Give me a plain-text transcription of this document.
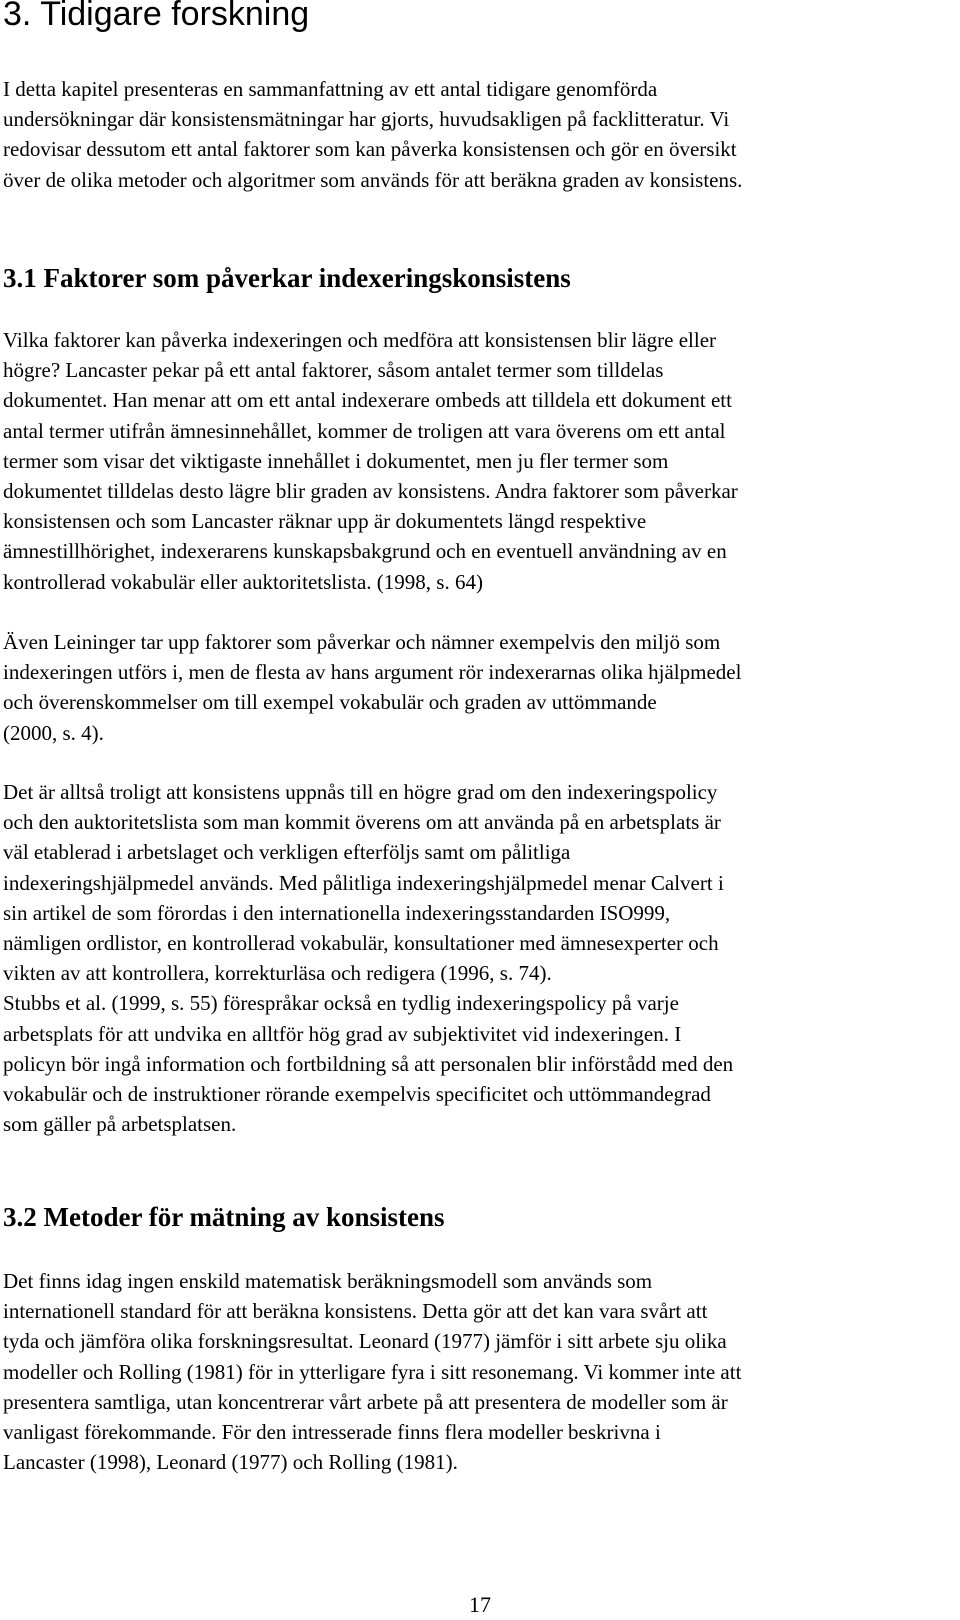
3. Tidigare forskning

I detta kapitel presenteras en sammanfattning av ett antal tidigare genomförda
undersökningar där konsistensmätningar har gjorts, huvudsakligen på facklitteratur. Vi
redovisar dessutom ett antal faktorer som kan påverka konsistensen och gör en översikt
över de olika metoder och algoritmer som används för att beräkna graden av konsistens.

3.1 Faktorer som påverkar indexeringskonsistens

Vilka faktorer kan påverka indexeringen och medföra att konsistensen blir lägre eller
högre? Lancaster pekar på ett antal faktorer, såsom antalet termer som tilldelas
dokumentet. Han menar att om ett antal indexerare ombeds att tilldela ett dokument ett
antal termer utifrån ämnesinnehållet, kommer de troligen att vara överens om ett antal
termer som visar det viktigaste innehållet i dokumentet, men ju fler termer som
dokumentet tilldelas desto lägre blir graden av konsistens. Andra faktorer som påverkar
konsistensen och som Lancaster räknar upp är dokumentets längd respektive
ämnestillhörighet, indexerarens kunskapsbakgrund och en eventuell användning av en
kontrollerad vokabulär eller auktoritetslista. (1998, s. 64)

Även Leininger tar upp faktorer som påverkar och nämner exempelvis den miljö som
indexeringen utförs i, men de flesta av hans argument rör indexerarnas olika hjälpmedel
och överenskommelser om till exempel vokabulär och graden av uttömmande
(2000, s. 4).

Det är alltså troligt att konsistens uppnås till en högre grad om den indexeringspolicy
och den auktoritetslista som man kommit överens om att använda på en arbetsplats är
väl etablerad i arbetslaget och verkligen efterföljs samt om pålitliga
indexeringshjälpmedel används. Med pålitliga indexeringshjälpmedel menar Calvert i
sin artikel de som förordas i den internationella indexeringsstandarden ISO999,
nämligen ordlistor, en kontrollerad vokabulär, konsultationer med ämnesexperter och
vikten av att kontrollera, korrekturläsa och redigera (1996, s. 74).
Stubbs et al. (1999, s. 55) förespråkar också en tydlig indexeringspolicy på varje
arbetsplats för att undvika en alltför hög grad av subjektivitet vid indexeringen. I
policyn bör ingå information och fortbildning så att personalen blir införstådd med den
vokabulär och de instruktioner rörande exempelvis specificitet och uttömmandegrad
som gäller på arbetsplatsen.

3.2 Metoder för mätning av konsistens

Det finns idag ingen enskild matematisk beräkningsmodell som används som
internationell standard för att beräkna konsistens. Detta gör att det kan vara svårt att
tyda och jämföra olika forskningsresultat. Leonard (1977) jämför i sitt arbete sju olika
modeller och Rolling (1981) för in ytterligare fyra i sitt resonemang. Vi kommer inte att
presentera samtliga, utan koncentrerar vårt arbete på att presentera de modeller som är
vanligast förekommande. För den intresserade finns flera modeller beskrivna i
Lancaster (1998), Leonard (1977) och Rolling (1981).

17
